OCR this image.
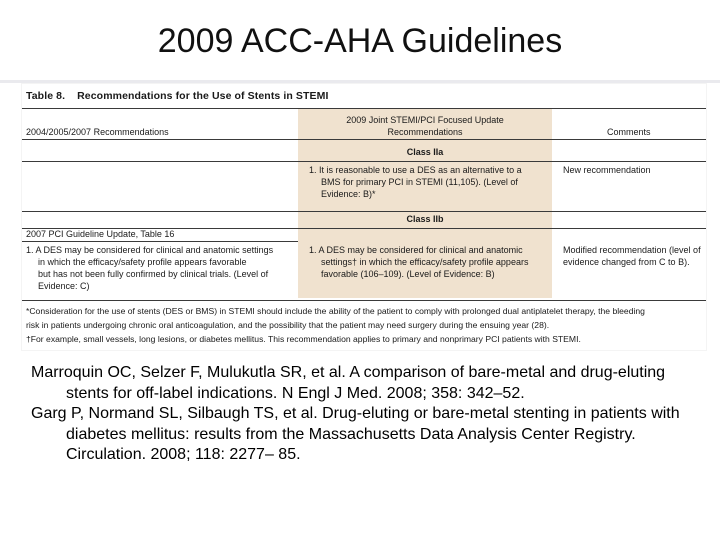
2009 ACC-AHA Guidelines
Table 8. Recommendations for the Use of Stents in STEMI
2004/2005/2007 Recommendations
2009 Joint STEMI/PCI Focused Update
Recommendations	Comments
Class IIa
1. It is reasonable to use a DES as an alternative to a
BMS for primary PCI in STEMI (11,105). (Level of
Evidence: B)*
New recommendation
Class IIb
2007 PCI Guideline Update, Table 16
1. A DES may be considered for clinical and anatomic settings
in which the efficacy/safety profile appears favorable
but has not been fully confirmed by clinical trials. (Level of
Evidence: C)
1. A DES may be considered for clinical and anatomic
settings† in which the efficacy/safety profile appears
favorable (106–109). (Level of Evidence: B)
Modified recommendation (level of
evidence changed from C to B).
*Consideration for the use of stents (DES or BMS) in STEMI should include the ability of the patient to comply with prolonged dual antiplatelet therapy, the bleeding
risk in patients undergoing chronic oral anticoagulation, and the possibility that the patient may need surgery during the ensuing year (28).
†For example, small vessels, long lesions, or diabetes mellitus. This recommendation applies to primary and nonprimary PCI patients with STEMI.

Marroquin OC, Selzer F, Mulukutla SR, et al. A comparison of bare-metal and drug-eluting stents for off-label indications. N Engl J Med. 2008; 358: 342–52.

Garg P, Normand SL, Silbaugh TS, et al. Drug-eluting or bare-metal stenting in patients with diabetes mellitus: results from the Massachusetts Data Analysis Center Registry. Circulation. 2008; 118: 2277– 85.
